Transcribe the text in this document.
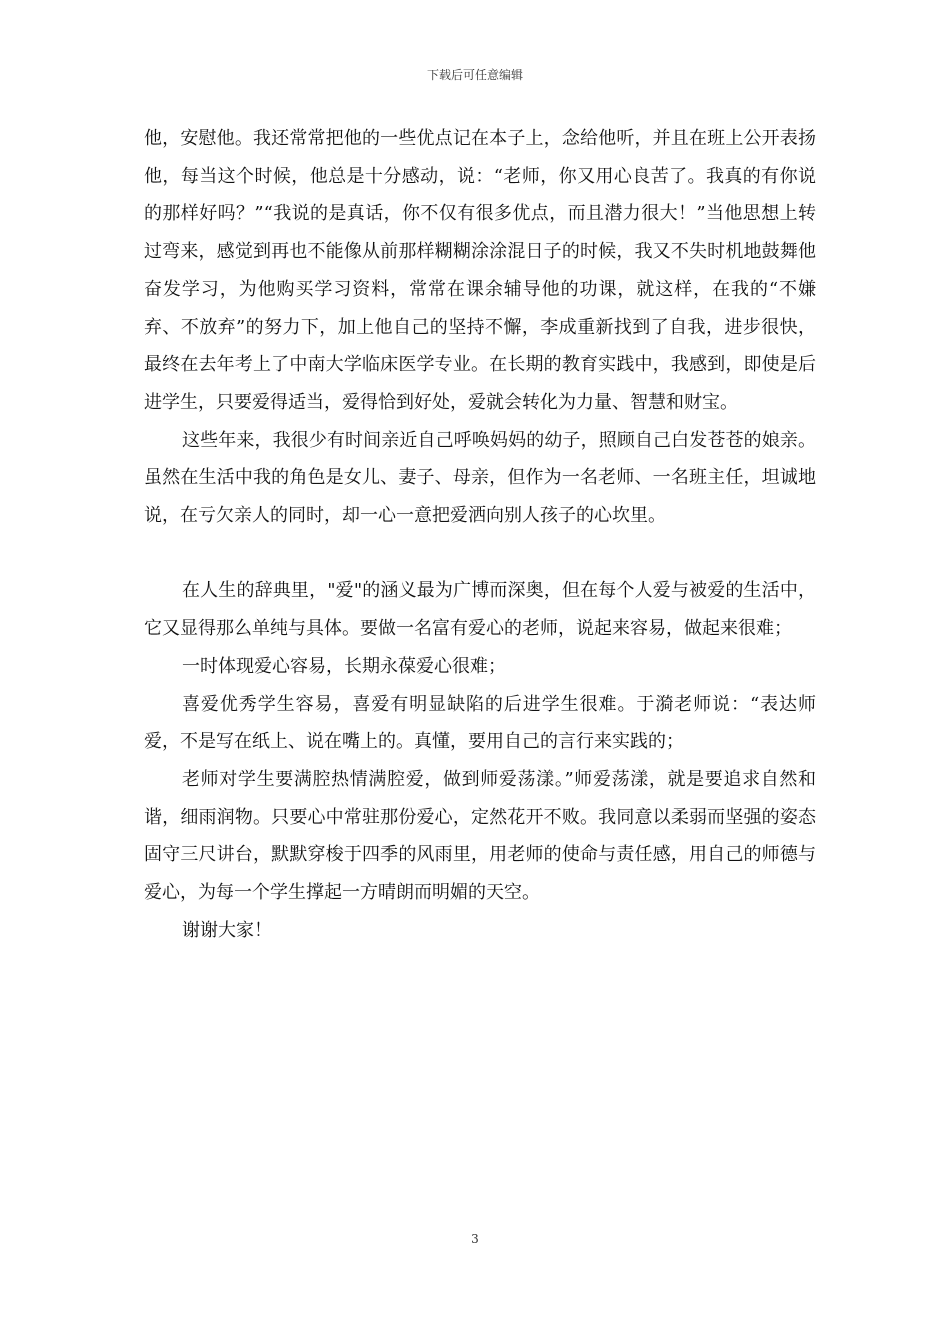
下载后可任意编辑

他，安慰他。我还常常把他的一些优点记在本子上，念给他听，并且在班上公开表扬他，每当这个时候，他总是十分感动，说：“老师，你又用心良苦了。我真的有你说的那样好吗？”“我说的是真话，你不仅有很多优点，而且潜力很大！”当他思想上转过弯来，感觉到再也不能像从前那样糊糊涂涂混日子的时候，我又不失时机地鼓舞他奋发学习，为他购买学习资料，常常在课余辅导他的功课，就这样，在我的“不嫌弃、不放弃”的努力下，加上他自己的坚持不懈，李成重新找到了自我，进步很快，最终在去年考上了中南大学临床医学专业。在长期的教育实践中，我感到，即使是后进学生，只要爱得适当，爱得恰到好处，爱就会转化为力量、智慧和财宝。

这些年来，我很少有时间亲近自己呼唤妈妈的幼子，照顾自己白发苍苍的娘亲。虽然在生活中我的角色是女儿、妻子、母亲，但作为一名老师、一名班主任，坦诚地说，在亏欠亲人的同时，却一心一意把爱洒向别人孩子的心坎里。

在人生的辞典里，"爱"的涵义最为广博而深奥，但在每个人爱与被爱的生活中，它又显得那么单纯与具体。要做一名富有爱心的老师，说起来容易，做起来很难；

一时体现爱心容易，长期永葆爱心很难；

喜爱优秀学生容易，喜爱有明显缺陷的后进学生很难。于漪老师说：“表达师爱，不是写在纸上、说在嘴上的。真懂，要用自己的言行来实践的；

老师对学生要满腔热情满腔爱，做到师爱荡漾。”师爱荡漾，就是要追求自然和谐，细雨润物。只要心中常驻那份爱心，定然花开不败。我同意以柔弱而坚强的姿态固守三尺讲台，默默穿梭于四季的风雨里，用老师的使命与责任感，用自己的师德与爱心，为每一个学生撑起一方晴朗而明媚的天空。

谢谢大家！

3
